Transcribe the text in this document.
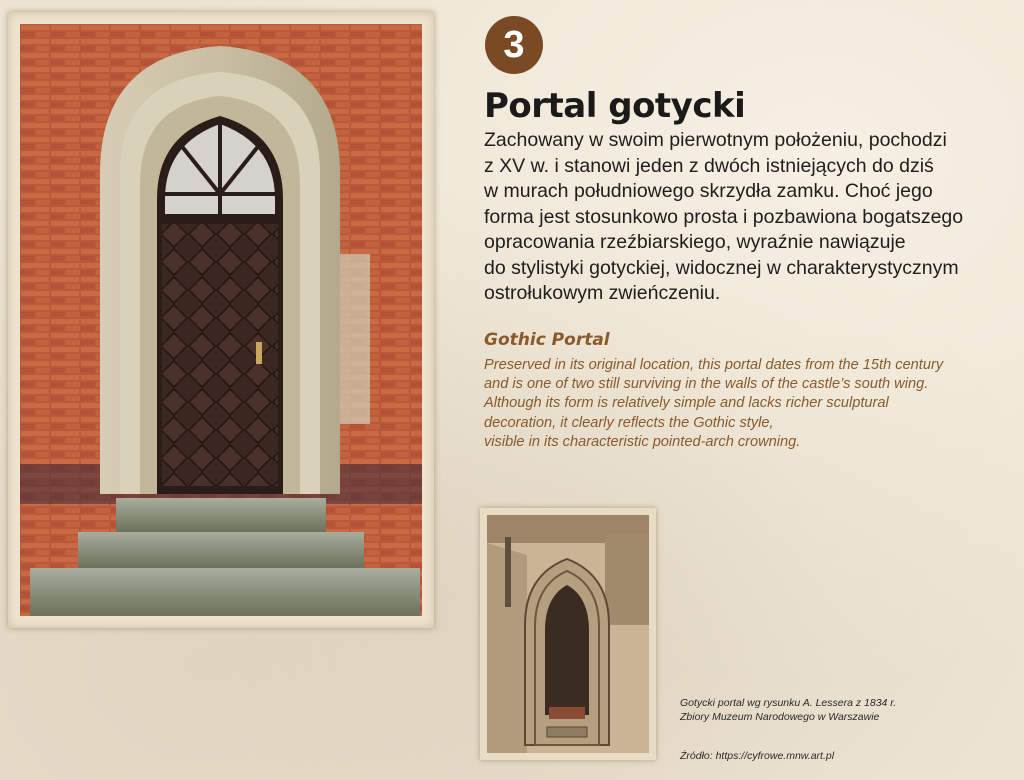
3
Portal gotycki
Zachowany w swoim pierwotnym położeniu, pochodzi
z XV w. i stanowi jeden z dwóch istniejących do dziś
w murach południowego skrzydła zamku. Choć jego
forma jest stosunkowo prosta i pozbawiona bogatszego
opracowania rzeźbiarskiego, wyraźnie nawiązuje
do stylistyki gotyckiej, widocznej w charakterystycznym
ostrołukowym zwieńczeniu.
Gothic Portal
Preserved in its original location, this portal dates from the 15th century
and is one of two still surviving in the walls of the castle’s south wing.
Although its form is relatively simple and lacks richer sculptural
decoration, it clearly reflects the Gothic style,
visible in its characteristic pointed-arch crowning.
Gotycki portal wg rysunku A. Lessera z 1834 r.
Zbiory Muzeum Narodowego w Warszawie
Źródło: https://cyfrowe.mnw.art.pl
